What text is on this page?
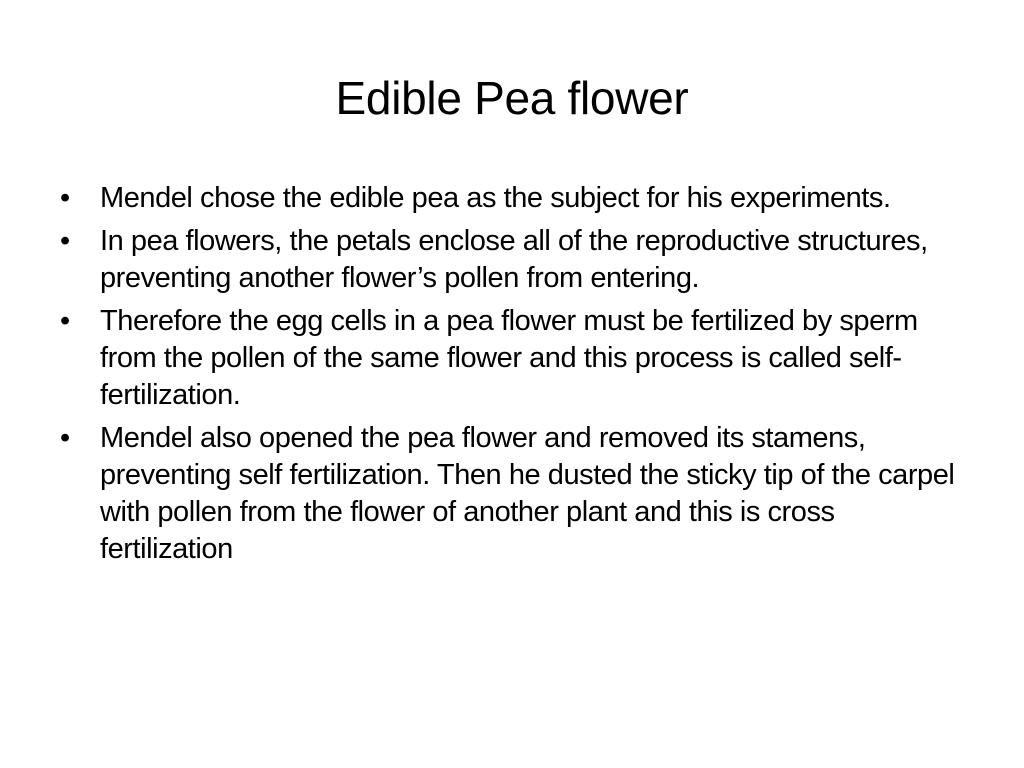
Edible Pea flower
•	Mendel chose the edible pea as the subject for his experiments.
•	In pea flowers, the petals enclose all of the reproductive structures, preventing another flower’s pollen from entering.
•	Therefore the egg cells in a pea flower must be fertilized by sperm from the pollen of the same flower and this process is called self-fertilization.
•	Mendel also opened the pea flower and removed its stamens, preventing self fertilization. Then he dusted the sticky tip of the carpel with pollen from the flower of another plant and this is cross fertilization
